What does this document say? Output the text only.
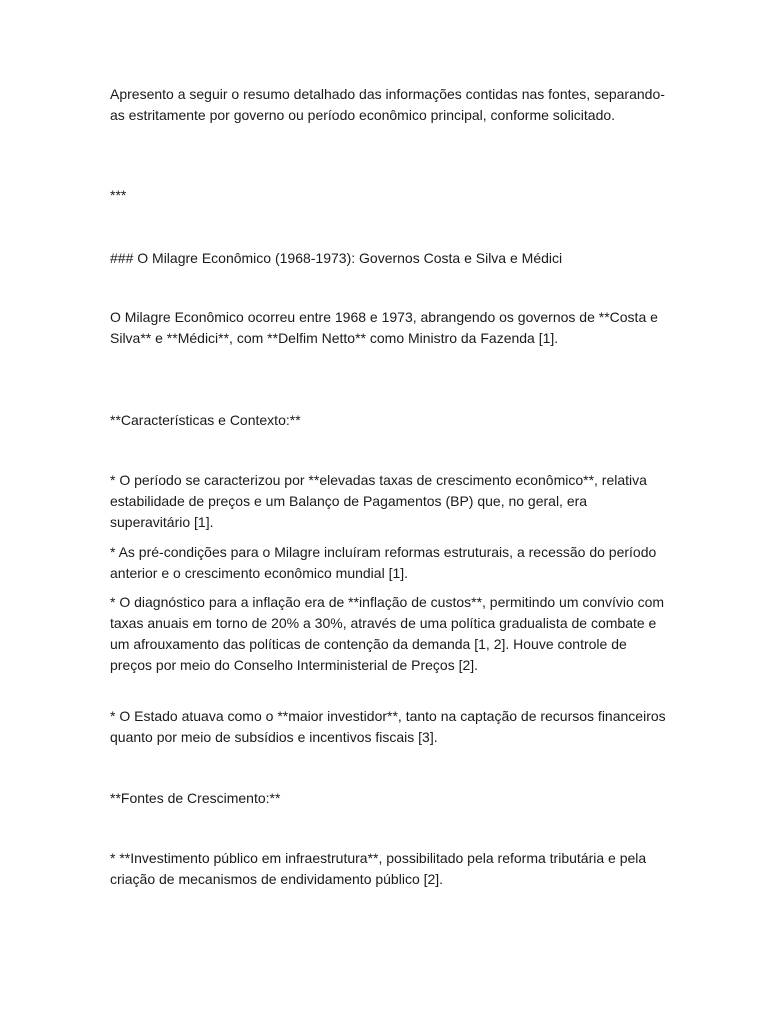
Apresento a seguir o resumo detalhado das informações contidas nas fontes, separando-as estritamente por governo ou período econômico principal, conforme solicitado.

***

### O Milagre Econômico (1968-1973): Governos Costa e Silva e Médici

O Milagre Econômico ocorreu entre 1968 e 1973, abrangendo os governos de **Costa e Silva** e **Médici**, com **Delfim Netto** como Ministro da Fazenda [1].

**Características e Contexto:**

* O período se caracterizou por **elevadas taxas de crescimento econômico**, relativa estabilidade de preços e um Balanço de Pagamentos (BP) que, no geral, era superavitário [1].

* As pré-condições para o Milagre incluíram reformas estruturais, a recessão do período anterior e o crescimento econômico mundial [1].

* O diagnóstico para a inflação era de **inflação de custos**, permitindo um convívio com taxas anuais em torno de 20% a 30%, através de uma política gradualista de combate e um afrouxamento das políticas de contenção da demanda [1, 2]. Houve controle de preços por meio do Conselho Interministerial de Preços [2].

* O Estado atuava como o **maior investidor**, tanto na captação de recursos financeiros quanto por meio de subsídios e incentivos fiscais [3].

**Fontes de Crescimento:**

* **Investimento público em infraestrutura**, possibilitado pela reforma tributária e pela criação de mecanismos de endividamento público [2].
